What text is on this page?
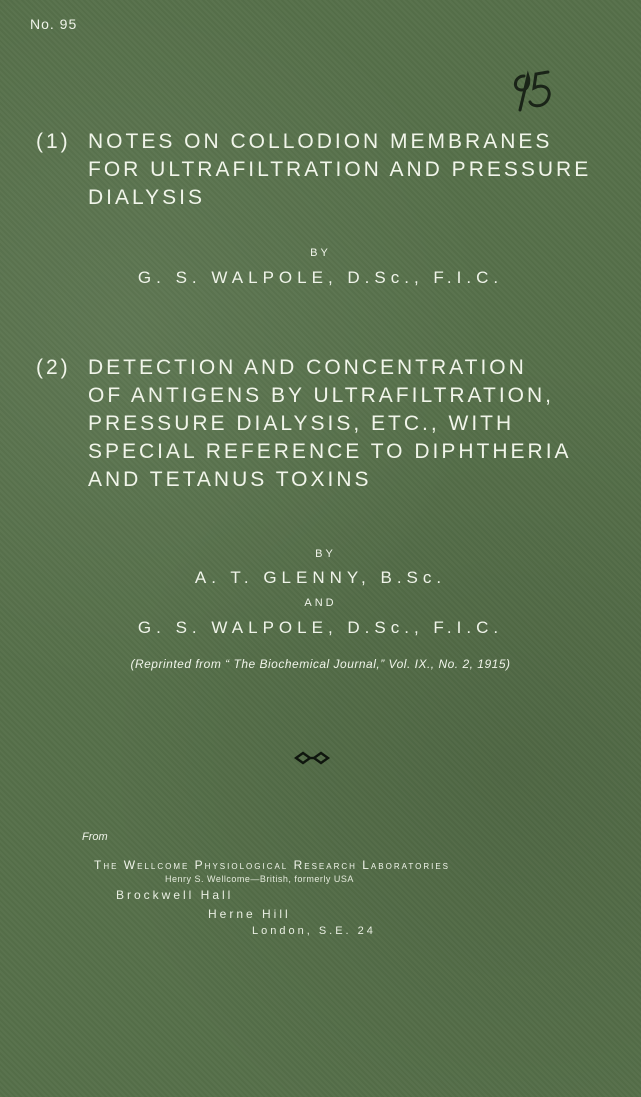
No. 95
(1) NOTES ON COLLODION MEMBRANES
FOR ULTRAFILTRATION AND PRESSURE
DIALYSIS
BY
G. S. WALPOLE, D.Sc., F.I.C.
(2) DETECTION AND CONCENTRATION
OF ANTIGENS BY ULTRAFILTRATION,
PRESSURE DIALYSIS, ETC., WITH
SPECIAL REFERENCE TO DIPHTHERIA
AND TETANUS TOXINS
BY
A. T. GLENNY, B.Sc.
AND
G. S. WALPOLE, D.Sc., F.I.C.
(Reprinted from “ The Biochemical Journal,” Vol. IX., No. 2, 1915)
From
The Wellcome Physiological Research Laboratories
Henry S. Wellcome—British, formerly USA
Brockwell Hall
Herne Hill
London, S.E. 24
